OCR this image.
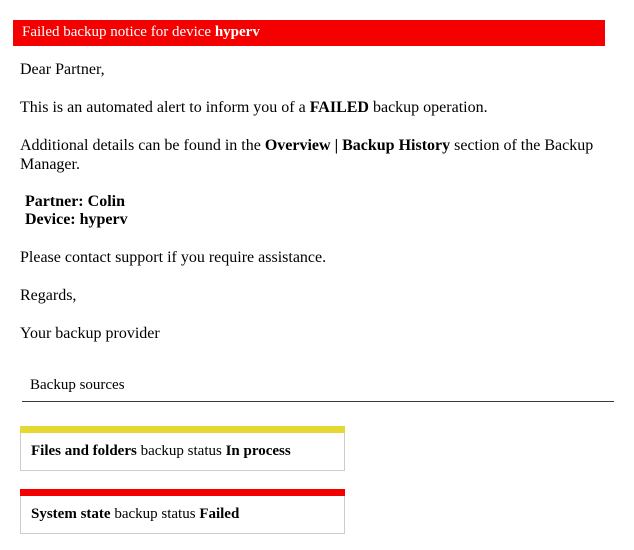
Failed backup notice for device hyperv

Dear Partner,

This is an automated alert to inform you of a FAILED backup operation.

Additional details can be found in the Overview | Backup History section of the Backup Manager.

Partner: Colin
Device: hyperv

Please contact support if you require assistance.

Regards,

Your backup provider

Backup sources
Files and folders backup status In process
System state backup status Failed
